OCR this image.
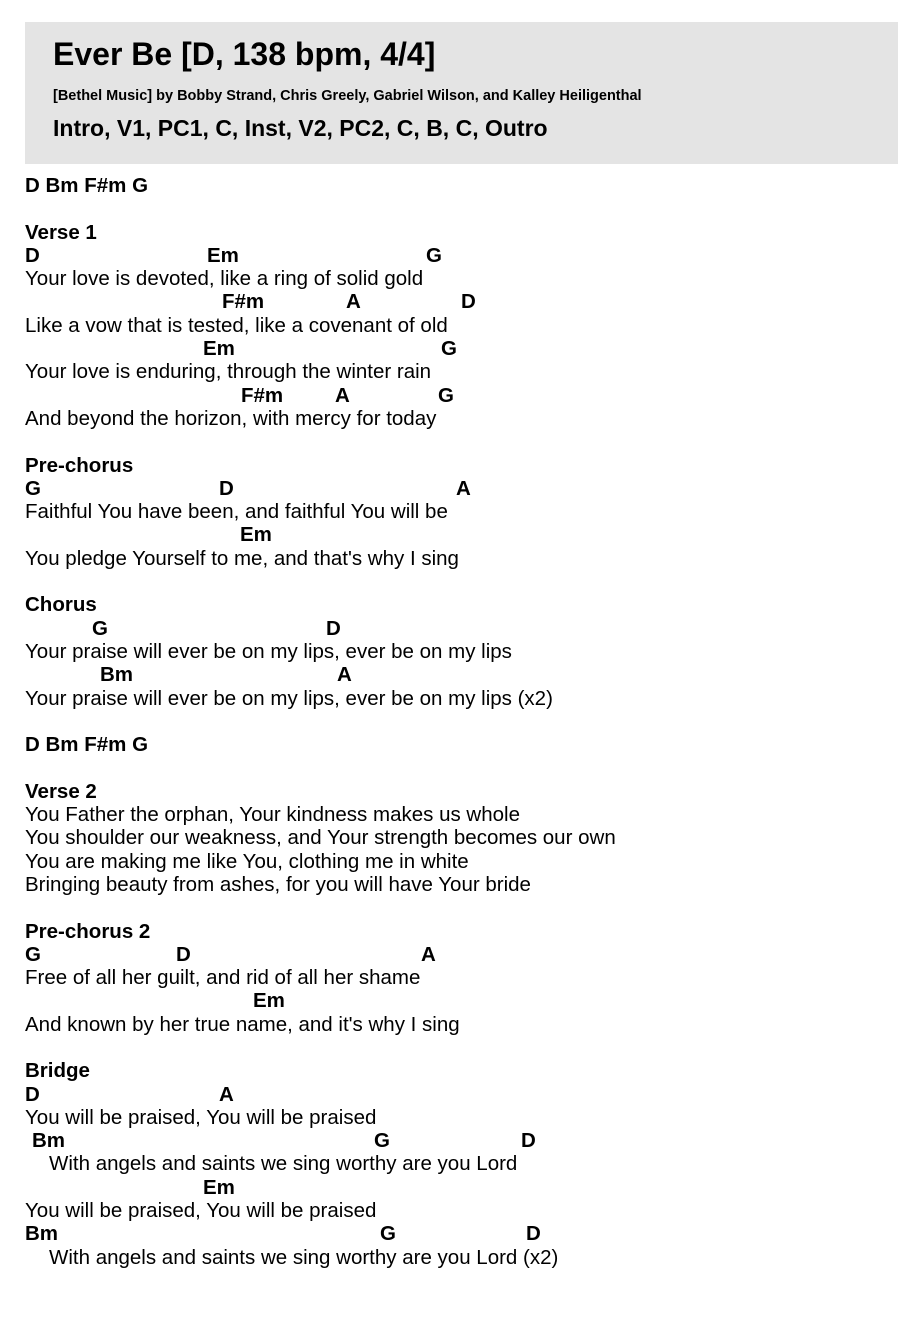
Ever Be [D, 138 bpm, 4/4]
[Bethel Music] by Bobby Strand, Chris Greely, Gabriel Wilson, and Kalley Heiligenthal
Intro, V1, PC1, C, Inst, V2, PC2, C, B, C, Outro
D Bm F#m G
Verse 1
D	Em	G
Your love is devoted, like a ring of solid gold
F#m	A	D
Like a vow that is tested, like a covenant of old
Em	G
Your love is enduring, through the winter rain
F#m	A	G
And beyond the horizon, with mercy for today
Pre-chorus
G	D	A
Faithful You have been, and faithful You will be
Em
You pledge Yourself to me, and that's why I sing
Chorus
G	D
Your praise will ever be on my lips, ever be on my lips
Bm	A
Your praise will ever be on my lips, ever be on my lips (x2)
D Bm F#m G
Verse 2
You Father the orphan, Your kindness makes us whole
You shoulder our weakness, and Your strength becomes our own
You are making me like You, clothing me in white
Bringing beauty from ashes, for you will have Your bride
Pre-chorus 2
G	D	A
Free of all her guilt, and rid of all her shame
Em
And known by her true name, and it's why I sing
Bridge
D	A
You will be praised, You will be praised
Bm	G	D
With angels and saints we sing worthy are you Lord
Em
You will be praised, You will be praised
Bm	G	D
With angels and saints we sing worthy are you Lord (x2)
